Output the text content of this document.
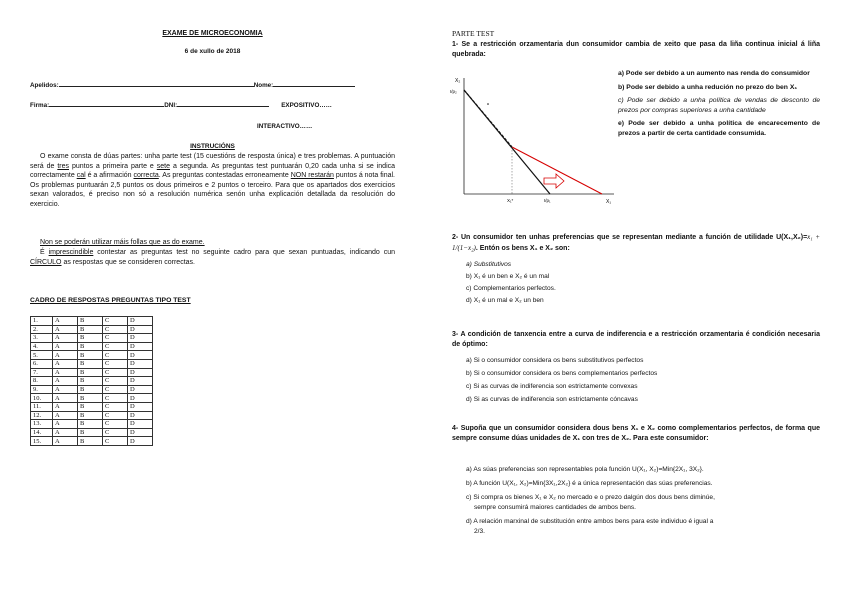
EXAME DE MICROECONOMIA
6 de xullo de 2018
Apelidos:	Nome:
Firma:	DNI:	EXPOSITIVO……
INTERACTIVO……
INSTRUCIÓNS
O exame consta de dúas partes: unha parte test (15 cuestións de resposta única) e tres problemas. A puntuación será de tres puntos a primeira parte e sete a segunda. As preguntas test puntuarán 0,20 cada unha si se indica correctamente cal é a afirmación correcta. As preguntas contestadas erroneamente NON restarán puntos á nota final. Os problemas puntuarán 2,5 puntos os dous primeiros e 2 puntos o terceiro. Para que os apartados dos exercicios sexan valorados, é preciso non só a resolución numérica senón unha explicación detallada da resolución do exercicio.
Non se poderán utilizar máis follas que as do exame.
É imprescindible contestar as preguntas test no seguinte cadro para que sexan puntuadas, indicando cun CÍRCULO as respostas que se consideren correctas.
CADRO DE RESPOSTAS PREGUNTAS TIPO TEST
1.	A	B	C	D
2.	A	B	C	D
3.	A	B	C	D
4.	A	B	C	D
5.	A	B	C	D
6.	A	B	C	D
7.	A	B	C	D
8.	A	B	C	D
9.	A	B	C	D
10.	A	B	C	D
11.	A	B	C	D
12.	A	B	C	D
13.	A	B	C	D
14.	A	B	C	D
15.	A	B	C	D
PARTE TEST
1- Se a restricción orzamentaria dun consumidor cambia de xeito que pasa da liña continua inicial á liña quebrada:
X₂
I/p₂
X₁*	I/p₁	X₁
a) Pode ser debido a un aumento nas renda do consumidor
b) Pode ser debido a unha redución no prezo do ben X₁
c) Pode ser debido a unha política de vendas de desconto de prezos por compras superiores a unha cantidade
e) Pode ser debido a unha política de encarecemento de prezos a partir de certa cantidade consumida.
2- Un consumidor ten unhas preferencias que se representan mediante a función de utilidade U(X₁,X₂)=x₁ + 1/(1−x₂). Entón os bens X₁ e X₂ son:
a) Substitutivos
b) X₁ é un ben e X₂ é un mal
c) Complementarios perfectos.
d) X₁ é un mal e X₂ un ben
3- A condición de tanxencia entre a curva de indiferencia e a restricción orzamentaria é condición necesaria de óptimo:
a) Si o consumidor considera os bens substitutivos perfectos
b) Si o consumidor considera os bens complementarios perfectos
c) Si as curvas de indiferencia son estrictamente convexas
d) Si as curvas de indiferencia son estrictamente cóncavas
4- Supoña que un consumidor considera dous bens X₁ e X₂ como complementarios perfectos, de forma que sempre consume dúas unidades de X₁ con tres de X₂. Para este consumidor:
a) As súas preferencias son representables pola función U(X₁, X₂)=Min{2X₁, 3X₂}.
b) A función U(X₁, X₂)=Min{3X₁,2X₂} é a única representación das súas preferencias.
c) Si compra os bienes X₁ e X₂ no mercado e o prezo dalgún dos dous bens diminúe,
sempre consumirá maiores cantidades de ambos bens.
d) A relación marxinal de substitución entre ambos bens para este individuo é igual a
2/3.
